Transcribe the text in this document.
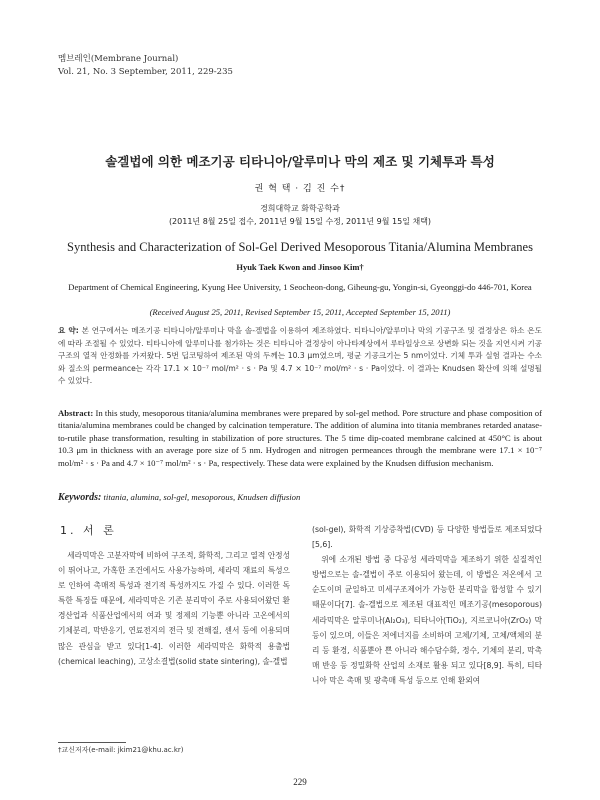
멤브레인(Membrane Journal)
Vol. 21, No. 3 September, 2011, 229-235
솔겔법에 의한 메조기공 티타니아/알루미나 막의 제조 및 기체투과 특성
권 혁 택 · 김 진 수†
경희대학교 화학공학과
(2011년 8월 25일 접수, 2011년 9월 15일 수정, 2011년 9월 15일 채택)
Synthesis and Characterization of Sol-Gel Derived Mesoporous Titania/Alumina Membranes
Hyuk Taek Kwon and Jinsoo Kim†
Department of Chemical Engineering, Kyung Hee University, 1 Seocheon-dong, Giheung-gu, Yongin-si, Gyeonggi-do 446-701, Korea
(Received August 25, 2011, Revised September 15, 2011, Accepted September 15, 2011)
요 약: 본 연구에서는 메조기공 티타니아/알루미나 막을 솔-겔법을 이용하여 제조하였다. 티타니아/알루미나 막의 기공구조 및 결정상은 하소 온도에 따라 조절될 수 있었다. 티타니아에 알루미나를 첨가하는 것은 티타니아 결정상이 아나타제상에서 루타일상으로 상변화 되는 것을 지연시켜 기공구조의 열적 안정화를 가져왔다. 5번 딥코팅하여 제조된 막의 두께는 10.3 μm였으며, 평균 기공크기는 5 nm이었다. 기체 투과 실험 결과는 수소와 질소의 permeance는 각각 17.1 × 10⁻⁷ mol/m² · s · Pa 및 4.7 × 10⁻⁷ mol/m² · s · Pa이었다. 이 결과는 Knudsen 확산에 의해 설명될 수 있었다.
Abstract: In this study, mesoporous titania/alumina membranes were prepared by sol-gel method. Pore structure and phase composition of titania/alumina membranes could be changed by calcination temperature. The addition of alumina into titania membranes retarded anatase-to-rutile phase transformation, resulting in stabilization of pore structures. The 5 time dip-coated membrane calcined at 450°C is about 10.3 μm in thickness with an average pore size of 5 nm. Hydrogen and nitrogen permeances through the membrane were 17.1 × 10⁻⁷ mol/m² · s · Pa and 4.7 × 10⁻⁷ mol/m² · s · Pa, respectively. These data were explained by the Knudsen diffusion mechanism.
Keywords: titania, alumina, sol-gel, mesoporous, Knudsen diffusion
1. 서 론

세라믹막은 고분자막에 비하여 구조적, 화학적, 그리고 열적 안정성이 뛰어나고, 가혹한 조건에서도 사용가능하며, 세라믹 재료의 특성으로 인하여 촉매적 특성과 전기적 특성까지도 가질 수 있다. 이러한 독특한 특징들 때문에, 세라믹막은 기존 분리막이 주로 사용되어왔던 환경산업과 식품산업에서의 여과 및 정제의 기능뿐 아니라 고온에서의 기체분리, 막반응기, 연료전지의 전극 및 전해질, 센서 등에 이용되며 많은 관심을 받고 있다[1-4]. 이러한 세라믹막은 화학적 용출법(chemical leaching), 고상소결법(solid state sintering), 솔-겔법

(sol-gel), 화학적 기상증착법(CVD) 등 다양한 방법들로 제조되었다[5,6].

위에 소개된 방법 중 다공성 세라믹막을 제조하기 위한 실질적인 방법으로는 솔-겔법이 주로 이용되어 왔는데, 이 방법은 저온에서 고순도이며 균일하고 미세구조제어가 가능한 분리막을 합성할 수 있기 때문이다[7]. 솔-겔법으로 제조된 대표적인 메조기공(mesoporous) 세라믹막은 알루미나(Al₂O₃), 티타니아(TiO₂), 지르코니아(ZrO₂) 막 등이 있으며, 이들은 저에너지를 소비하며 고체/기체, 고체/액체의 분리 등 환경, 식품뿐아 쁜 아니라 해수담수화, 정수, 기체의 분리, 막촉매 반응 등 정밀화학 산업의 소재로 활용 되고 있다[8,9]. 특히, 티타니아 막은 촉매 및 광촉매 특성 등으로 인해 환외여

†교신저자(e-mail: jkim21@khu.ac.kr)
229
